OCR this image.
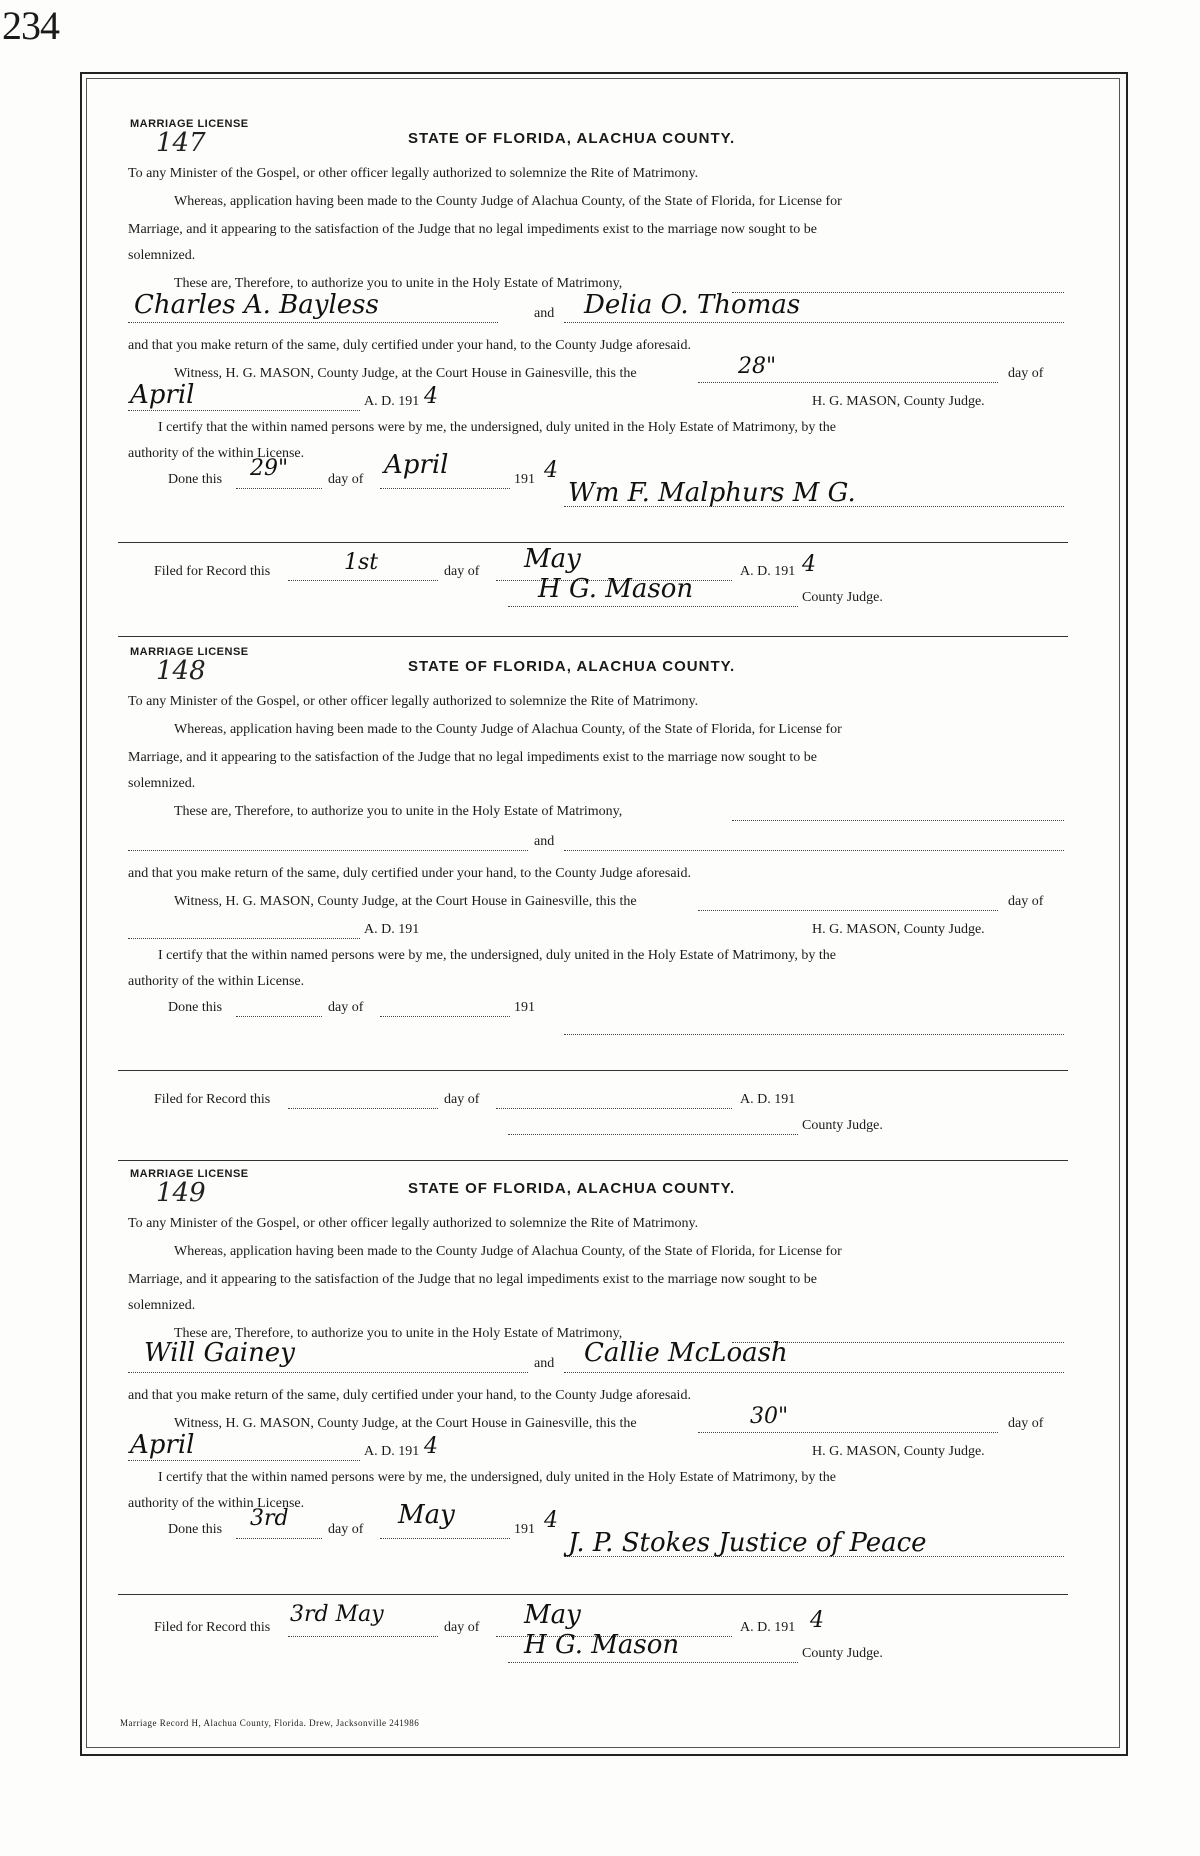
234
MARRIAGE LICENSE
147	STATE OF FLORIDA, ALACHUA COUNTY.
To any Minister of the Gospel, or other officer legally authorized to solemnize the Rite of Matrimony.
Whereas, application having been made to the County Judge of Alachua County, of the State of Florida, for License for
Marriage, and it appearing to the satisfaction of the Judge that no legal impediments exist to the marriage now sought to be
solemnized.
These are, Therefore, to authorize you to unite in the Holy Estate of Matrimony,
Charles A. Bayless	and Delia O. Thomas
and that you make return of the same, duly certified under your hand, to the County Judge aforesaid.
Witness, H. G. MASON, County Judge, at the Court House in Gainesville, this the	28"	day of
April	A. D. 191 4	H. G. MASON, County Judge.
I certify that the within named persons were by me, the undersigned, duly united in the Holy Estate of Matrimony, by the
authority of the within License.
Done this 29"	day of April	191 4
Wm F. Malphurs M G.
Filed for Record this	1st	day of May	A. D. 191 4
H G. Mason	County Judge.
MARRIAGE LICENSE
148	STATE OF FLORIDA, ALACHUA COUNTY.
To any Minister of the Gospel, or other officer legally authorized to solemnize the Rite of Matrimony.
Whereas, application having been made to the County Judge of Alachua County, of the State of Florida, for License for
Marriage, and it appearing to the satisfaction of the Judge that no legal impediments exist to the marriage now sought to be
solemnized.
These are, Therefore, to authorize you to unite in the Holy Estate of Matrimony,
and
and that you make return of the same, duly certified under your hand, to the County Judge aforesaid.
Witness, H. G. MASON, County Judge, at the Court House in Gainesville, this the	day of
A. D. 191	H. G. MASON, County Judge.
I certify that the within named persons were by me, the undersigned, duly united in the Holy Estate of Matrimony, by the
authority of the within License.
Done this	day of	191
Filed for Record this	day of	A. D. 191
County Judge.
MARRIAGE LICENSE
149	STATE OF FLORIDA, ALACHUA COUNTY.
To any Minister of the Gospel, or other officer legally authorized to solemnize the Rite of Matrimony.
Whereas, application having been made to the County Judge of Alachua County, of the State of Florida, for License for
Marriage, and it appearing to the satisfaction of the Judge that no legal impediments exist to the marriage now sought to be
solemnized.
These are, Therefore, to authorize you to unite in the Holy Estate of Matrimony,
Will Gainey	and Callie McLoash
and that you make return of the same, duly certified under your hand, to the County Judge aforesaid.
Witness, H. G. MASON, County Judge, at the Court House in Gainesville, this the	30"	day of
April	A. D. 191 4	H. G. MASON, County Judge.
I certify that the within named persons were by me, the undersigned, duly united in the Holy Estate of Matrimony, by the
authority of the within License.
Done this 3rd	day of May	191 4
J. P. Stokes Justice of Peace
Filed for Record this
3rd May
day of May	A. D. 191 4
H G. Mason	County Judge.
Marriage Record H, Alachua County, Florida. Drew, Jacksonville 241986
